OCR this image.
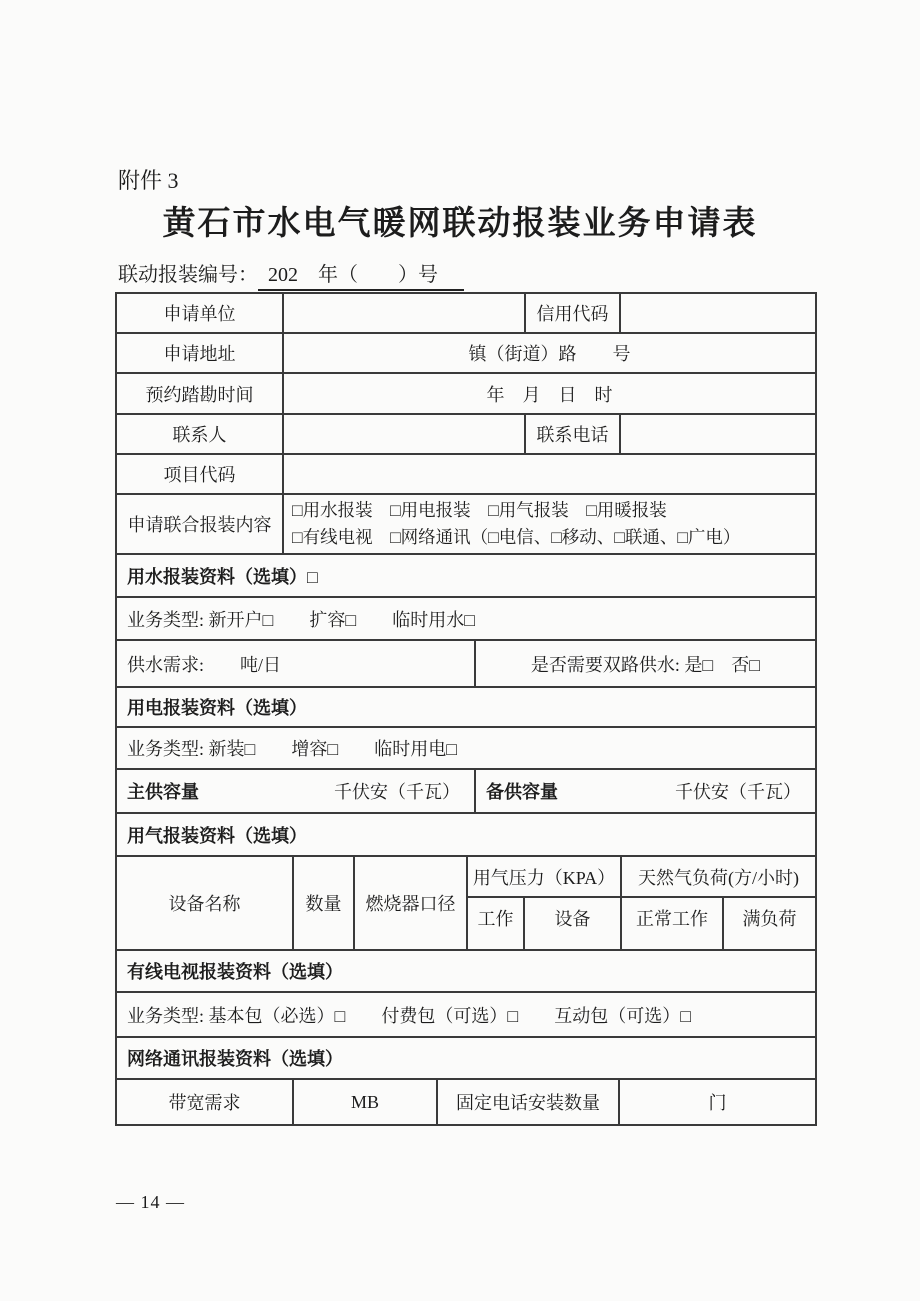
附件 3
黄石市水电气暖网联动报装业务申请表
联动报装编号： 202　年（　　）号
申请单位	信用代码
申请地址	镇（街道）路　　号
预约踏勘时间	年　月　日　时
联系人	联系电话
项目代码
申请联合报装内容
□用水报装　□用电报装　□用气报装　□用暖报装
□有线电视　□网络通讯（□电信、□移动、□联通、□广电）
用水报装资料（选填）□
业务类型: 新开户□　　扩容□　　临时用水□
供水需求:　　吨/日	是否需要双路供水: 是□　否□
用电报装资料（选填）
业务类型: 新装□　　增容□　　临时用电□
主供容量	千伏安（千瓦） 备供容量	千伏安（千瓦）
用气报装资料（选填）
设备名称	数量	燃烧器口径
用气压力（KPA）	天然气负荷(方/小时)
工作	设备	正常工作	满负荷
有线电视报装资料（选填）
业务类型: 基本包（必选）□　　付费包（可选）□　　互动包（可选）□
网络通讯报装资料（选填）
带宽需求	MB	固定电话安装数量	门
— 14 —
